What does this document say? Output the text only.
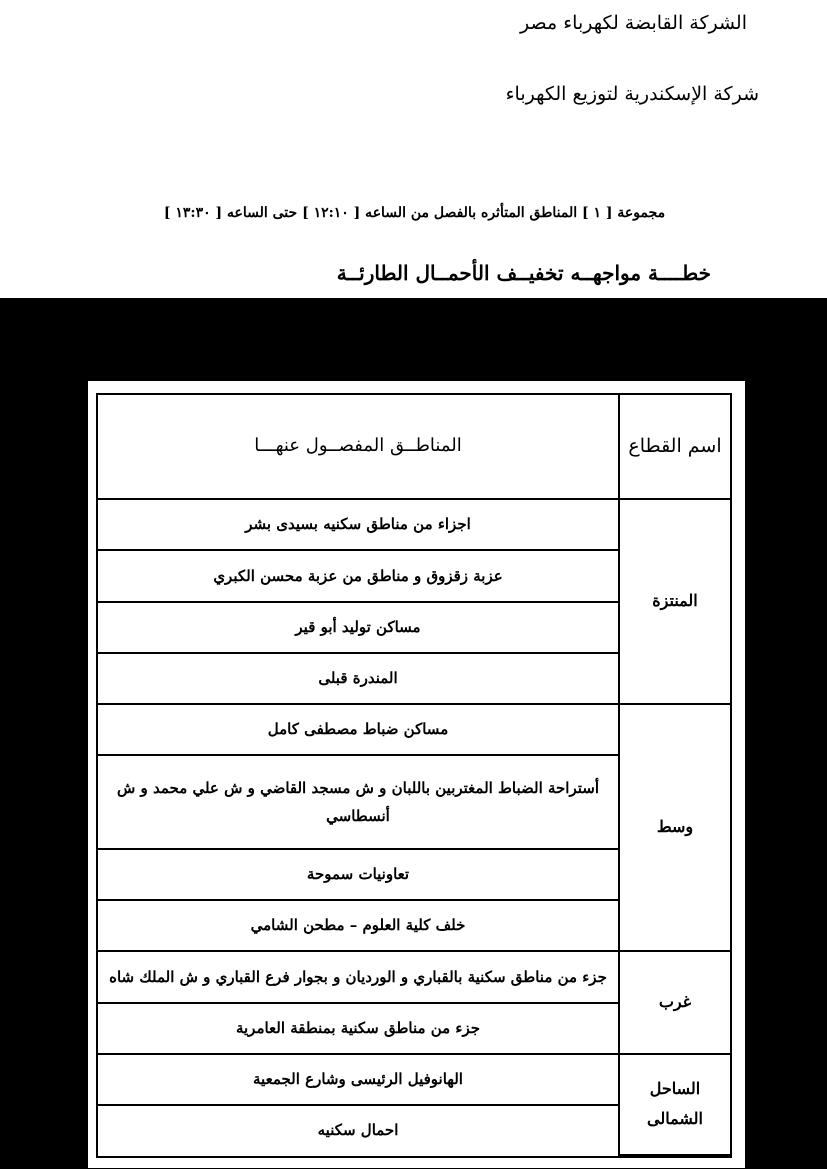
الشركة القابضة لكهرباء مصر

شركة الإسكندرية لتوزيع الكهرباء

مجموعة [ ١ ] المناطق المتأثره بالفصل من الساعه [ ١٢:١٠ ] حتى الساعه [ ١٣:٣٠ ]

خطــــة مواجهــه تخفيــف الأحمــال الطارئــة

اسم القطاع	المناطــق المفصــول عنهـــا
المنتزة	اجزاء من مناطق سكنيه بسيدى بشر
	عزبة زقزوق و مناطق من عزبة محسن الكبري
	مساكن توليد أبو قير
	المندرة قبلى
وسط	مساكن ضباط مصطفى كامل
	أستراحة الضباط المغتربين باللبان و ش مسجد القاضي و ش علي محمد و ش أنسطاسي
	تعاونيات سموحة
	خلف كلية العلوم – مطحن الشامي
غرب	جزء من مناطق سكنية بالقباري و الورديان و بجوار فرع القباري و ش الملك شاه
	جزء من مناطق سكنية بمنطقة العامرية
الساحل الشمالى	الهانوفيل الرئيسى وشارع الجمعية
	احمال سكنيه
